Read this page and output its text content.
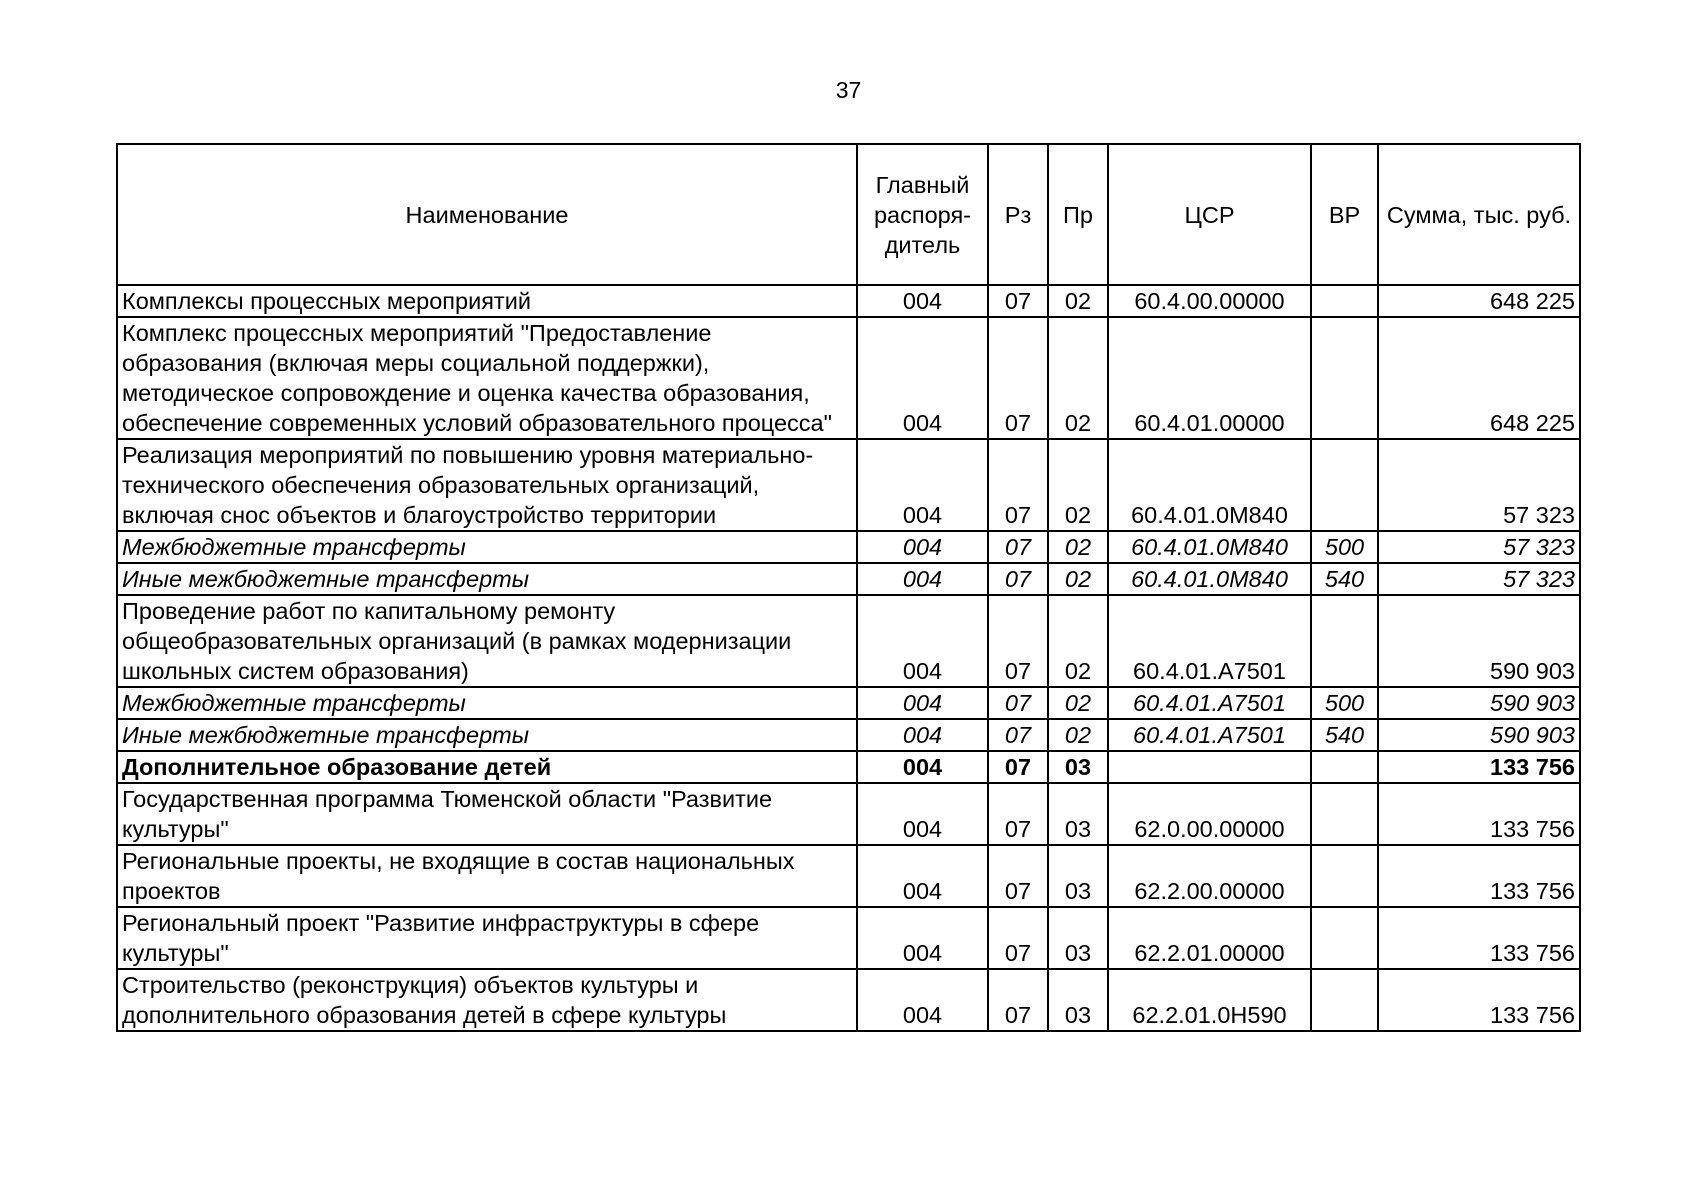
37
Наименование	Главный распоря-дитель	Рз	Пр	ЦСР	ВР	Сумма, тыс. руб.
Комплексы процессных мероприятий	004	07	02	60.4.00.00000		648 225
Комплекс процессных мероприятий "Предоставление образования (включая меры социальной поддержки), методическое сопровождение и оценка качества образования, обеспечение современных условий образовательного процесса"	004	07	02	60.4.01.00000		648 225
Реализация мероприятий по повышению уровня материально-технического обеспечения образовательных организаций, включая снос объектов и благоустройство территории	004	07	02	60.4.01.0М840		57 323
Межбюджетные трансферты	004	07	02	60.4.01.0М840	500	57 323
Иные межбюджетные трансферты	004	07	02	60.4.01.0М840	540	57 323
Проведение работ по капитальному ремонту общеобразовательных организаций (в рамках модернизации школьных систем образования)	004	07	02	60.4.01.А7501		590 903
Межбюджетные трансферты	004	07	02	60.4.01.А7501	500	590 903
Иные межбюджетные трансферты	004	07	02	60.4.01.А7501	540	590 903
Дополнительное образование детей	004	07	03			133 756
Государственная программа Тюменской области "Развитие культуры"	004	07	03	62.0.00.00000		133 756
Региональные проекты, не входящие в состав национальных проектов	004	07	03	62.2.00.00000		133 756
Региональный проект "Развитие инфраструктуры в сфере культуры"	004	07	03	62.2.01.00000		133 756
Строительство (реконструкция) объектов культуры и дополнительного образования детей в сфере культуры	004	07	03	62.2.01.0Н590		133 756
